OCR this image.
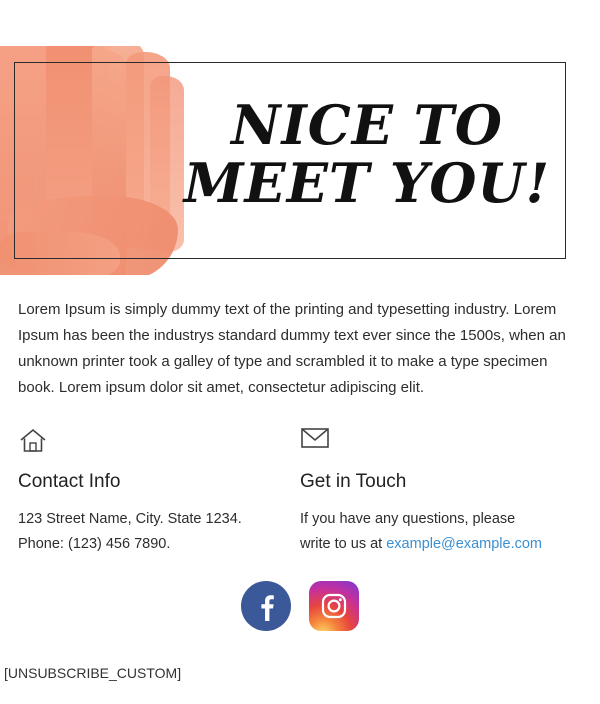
NICE TO
MEET YOU!
Lorem Ipsum is simply dummy text of the printing and typesetting industry. Lorem Ipsum has been the industrys standard dummy text ever since the 1500s, when an unknown printer took a galley of type and scrambled it to make a type specimen book. Lorem ipsum dolor sit amet, consectetur adipiscing elit.
Contact Info
123 Street Name, City. State 1234.
Phone: (123) 456 7890.
Get in Touch
If you have any questions, please
write to us at example@example.com
[UNSUBSCRIBE_CUSTOM]
